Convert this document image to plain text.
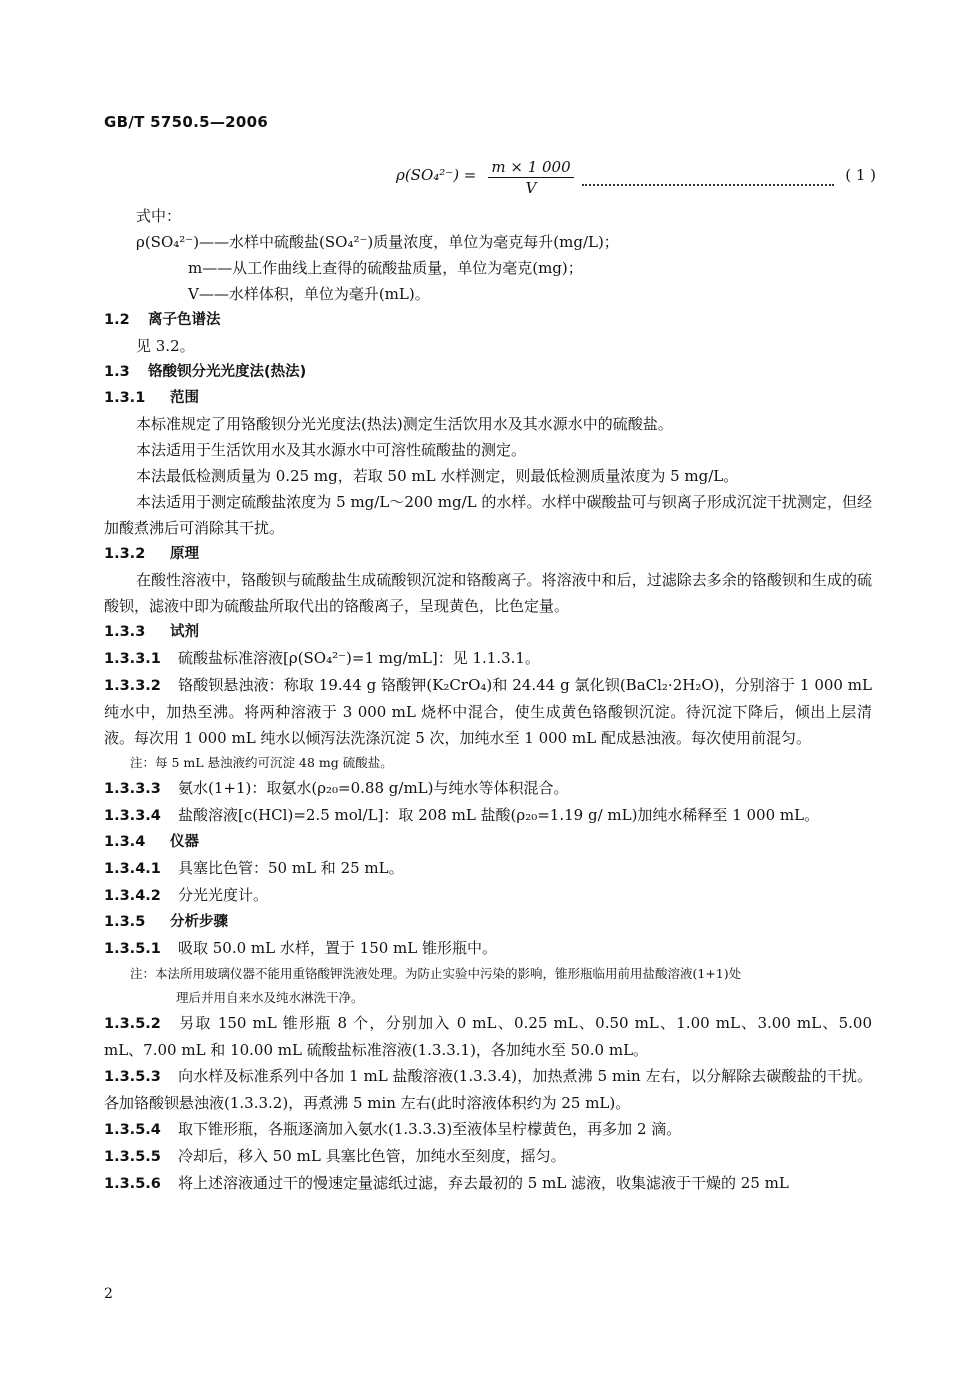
GB/T 5750.5—2006
ρ(SO₄²⁻) = m × 1 000
V
( 1 )
式中：
ρ(SO₄²⁻)——水样中硫酸盐(SO₄²⁻)质量浓度，单位为毫克每升(mg/L)；
m——从工作曲线上查得的硫酸盐质量，单位为毫克(mg)；
V——水样体积，单位为毫升(mL)。
1.2 离子色谱法
见 3.2。
1.3 铬酸钡分光光度法(热法)
1.3.1 范围
本标准规定了用铬酸钡分光光度法(热法)测定生活饮用水及其水源水中的硫酸盐。
本法适用于生活饮用水及其水源水中可溶性硫酸盐的测定。
本法最低检测质量为 0.25 mg，若取 50 mL 水样测定，则最低检测质量浓度为 5 mg/L。
本法适用于测定硫酸盐浓度为 5 mg/L～200 mg/L 的水样。水样中碳酸盐可与钡离子形成沉淀干扰测定，但经加酸煮沸后可消除其干扰。
1.3.2 原理
在酸性溶液中，铬酸钡与硫酸盐生成硫酸钡沉淀和铬酸离子。将溶液中和后，过滤除去多余的铬酸钡和生成的硫酸钡，滤液中即为硫酸盐所取代出的铬酸离子，呈现黄色，比色定量。
1.3.3 试剂
1.3.3.1 硫酸盐标准溶液[ρ(SO₄²⁻)=1 mg/mL]：见 1.1.3.1。
1.3.3.2 铬酸钡悬浊液：称取 19.44 g 铬酸钾(K₂CrO₄)和 24.44 g 氯化钡(BaCl₂·2H₂O)，分别溶于 1 000 mL 纯水中，加热至沸。将两种溶液于 3 000 mL 烧杯中混合，使生成黄色铬酸钡沉淀。待沉淀下降后，倾出上层清液。每次用 1 000 mL 纯水以倾泻法洗涤沉淀 5 次，加纯水至 1 000 mL 配成悬浊液。每次使用前混匀。
注：每 5 mL 悬浊液约可沉淀 48 mg 硫酸盐。
1.3.3.3 氨水(1+1)：取氨水(ρ₂₀=0.88 g/mL)与纯水等体积混合。
1.3.3.4 盐酸溶液[c(HCl)=2.5 mol/L]：取 208 mL 盐酸(ρ₂₀=1.19 g/ mL)加纯水稀释至 1 000 mL。
1.3.4 仪器
1.3.4.1 具塞比色管：50 mL 和 25 mL。
1.3.4.2 分光光度计。
1.3.5 分析步骤
1.3.5.1 吸取 50.0 mL 水样，置于 150 mL 锥形瓶中。
注：本法所用玻璃仪器不能用重铬酸钾洗液处理。为防止实验中污染的影响，锥形瓶临用前用盐酸溶液(1+1)处
理后并用自来水及纯水淋洗干净。
1.3.5.2 另取 150 mL 锥形瓶 8 个，分别加入 0 mL、0.25 mL、0.50 mL、1.00 mL、3.00 mL、5.00 mL、7.00 mL 和 10.00 mL 硫酸盐标准溶液(1.3.3.1)，各加纯水至 50.0 mL。
1.3.5.3 向水样及标准系列中各加 1 mL 盐酸溶液(1.3.3.4)，加热煮沸 5 min 左右，以分解除去碳酸盐的干扰。各加铬酸钡悬浊液(1.3.3.2)，再煮沸 5 min 左右(此时溶液体积约为 25 mL)。
1.3.5.4 取下锥形瓶，各瓶逐滴加入氨水(1.3.3.3)至液体呈柠檬黄色，再多加 2 滴。
1.3.5.5 冷却后，移入 50 mL 具塞比色管，加纯水至刻度，摇匀。
1.3.5.6 将上述溶液通过干的慢速定量滤纸过滤，弃去最初的 5 mL 滤液，收集滤液于干燥的 25 mL
2
